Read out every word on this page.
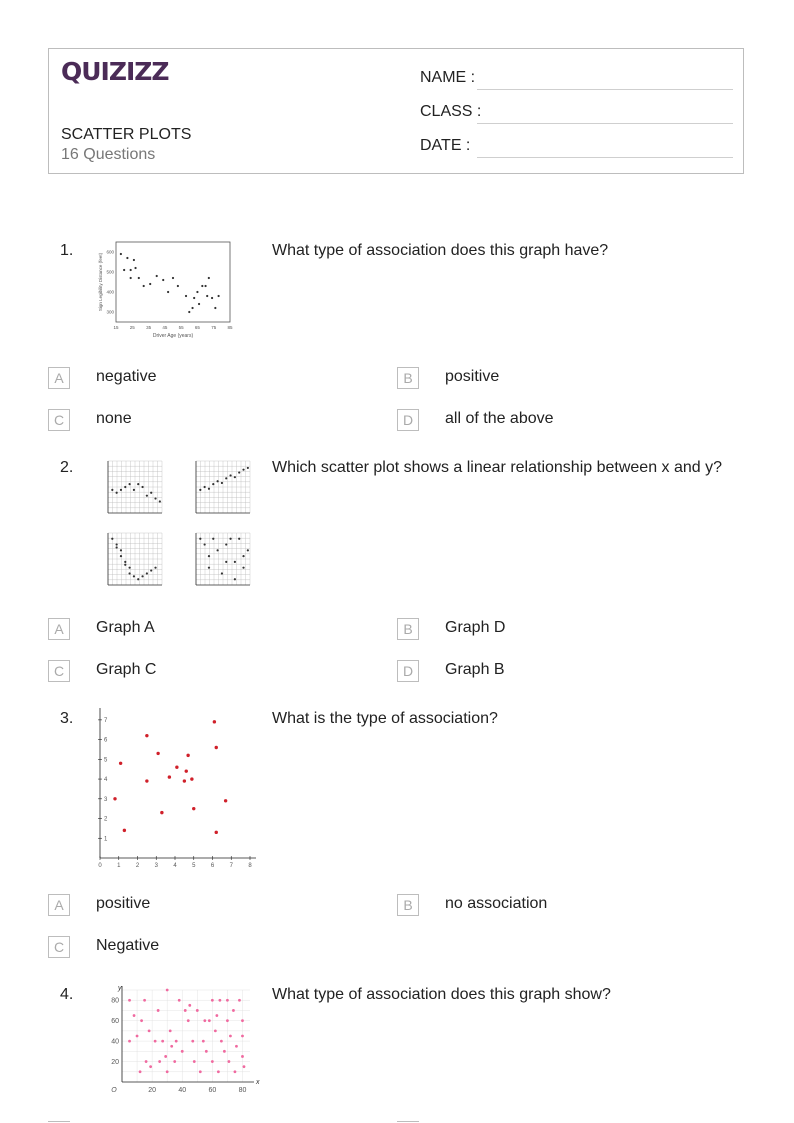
QUIZIZZ
SCATTER PLOTS
16 Questions
NAME :
CLASS :
DATE :
1.	What type of association does this graph have?
15	25	35	45	55	65	75	85
600
500
400
300
Driver Age (years)
Sign Legibility Distance (feet)
A	negative	B	positive
C	none	D	all of the above
2.	Which scatter plot shows a linear relationship between x and y?
A	Graph A	B	Graph D
C	Graph C	D	Graph B
3.	What is the type of association?
0	1	2	3	4	5	6	7	8
1
2
3
4
5
6
7
A	positive	B	no association
C	Negative
4.	What type of association does this graph show?
x
y
O	20	40	60	80
20
40
60
80
